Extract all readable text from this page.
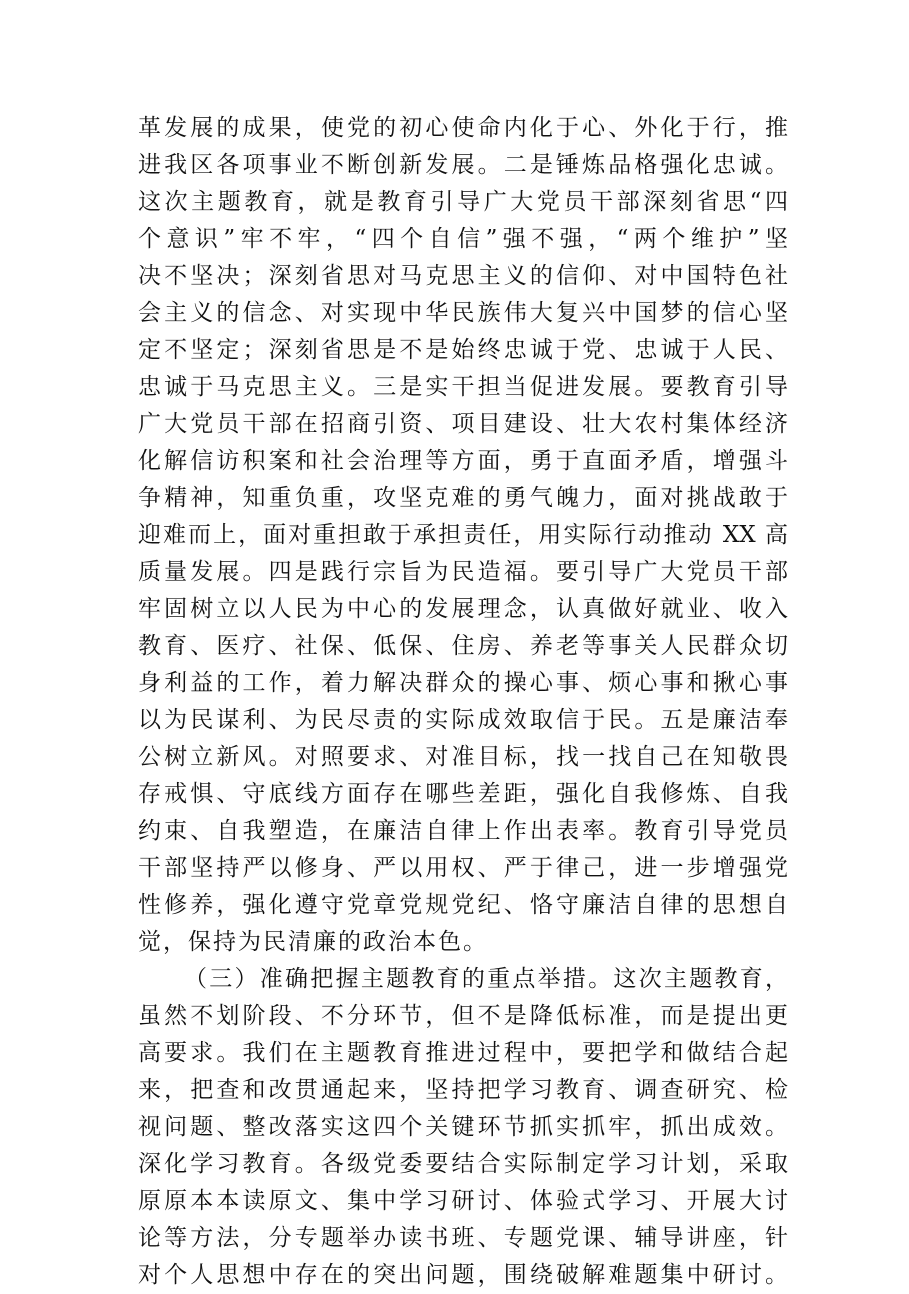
革发展的成果，使党的初心使命内化于心、外化于行，推
进我区各项事业不断创新发展。二是锤炼品格强化忠诚。
这次主题教育，就是教育引导广大党员干部深刻省思“四
个意识”牢不牢，“四个自信”强不强，“两个维护”坚
决不坚决；深刻省思对马克思主义的信仰、对中国特色社
会主义的信念、对实现中华民族伟大复兴中国梦的信心坚
定不坚定；深刻省思是不是始终忠诚于党、忠诚于人民、
忠诚于马克思主义。三是实干担当促进发展。要教育引导
广大党员干部在招商引资、项目建设、壮大农村集体经济
化解信访积案和社会治理等方面，勇于直面矛盾，增强斗
争精神，知重负重，攻坚克难的勇气魄力，面对挑战敢于
迎难而上，面对重担敢于承担责任，用实际行动推动 XX 高
质量发展。四是践行宗旨为民造福。要引导广大党员干部
牢固树立以人民为中心的发展理念，认真做好就业、收入
教育、医疗、社保、低保、住房、养老等事关人民群众切
身利益的工作，着力解决群众的操心事、烦心事和揪心事
以为民谋利、为民尽责的实际成效取信于民。五是廉洁奉
公树立新风。对照要求、对准目标，找一找自己在知敬畏
存戒惧、守底线方面存在哪些差距，强化自我修炼、自我
约束、自我塑造，在廉洁自律上作出表率。教育引导党员
干部坚持严以修身、严以用权、严于律己，进一步增强党
性修养，强化遵守党章党规党纪、恪守廉洁自律的思想自
觉，保持为民清廉的政治本色。
（三）准确把握主题教育的重点举措。这次主题教育，
虽然不划阶段、不分环节，但不是降低标准，而是提出更
高要求。我们在主题教育推进过程中，要把学和做结合起
来，把查和改贯通起来，坚持把学习教育、调查研究、检
视问题、整改落实这四个关键环节抓实抓牢，抓出成效。
深化学习教育。各级党委要结合实际制定学习计划，采取
原原本本读原文、集中学习研讨、体验式学习、开展大讨
论等方法，分专题举办读书班、专题党课、辅导讲座，针
对个人思想中存在的突出问题，围绕破解难题集中研讨。
